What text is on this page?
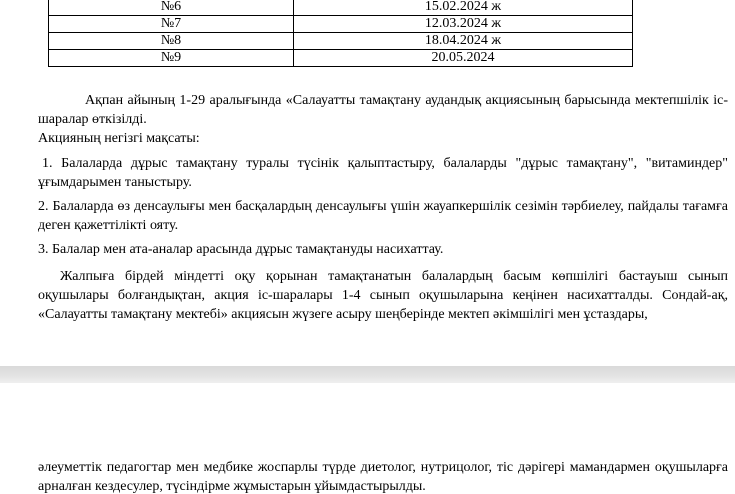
№6	15.02.2024 ж
№7	12.03.2024 ж
№8	18.04.2024 ж
№9	20.05.2024
Ақпан айының 1-29 аралығында «Салауатты тамақтану аудандық акциясының барысында мектепшілік іс-шаралар өткізілді.
Акцияның негізгі мақсаты:
1. Балаларда дұрыс тамақтану туралы түсінік қалыптастыру, балаларды "дұрыс тамақтану", "витаминдер" ұғымдарымен таныстыру.
2. Балаларда өз денсаулығы мен басқалардың денсаулығы үшін жауапкершілік сезімін тәрбиелеу, пайдалы тағамға деген қажеттілікті ояту.
3. Балалар мен ата-аналар арасында дұрыс тамақтануды насихаттау.
Жалпыға бірдей міндетті оқу қорынан тамақтанатын балалардың басым көпшілігі бастауыш сынып оқушылары болғандықтан, акция іс-шаралары 1-4 сынып оқушыларына кеңінен насихатталды. Сондай-ақ, «Салауатты тамақтану мектебі» акциясын жүзеге асыру шеңберінде мектеп әкімшілігі мен ұстаздары,
әлеуметтік педагогтар мен медбике жоспарлы түрде диетолог, нутрицолог, тіс дәрігері мамандармен оқушыларға арналған кездесулер, түсіндірме жұмыстарын ұйымдастырылды.
